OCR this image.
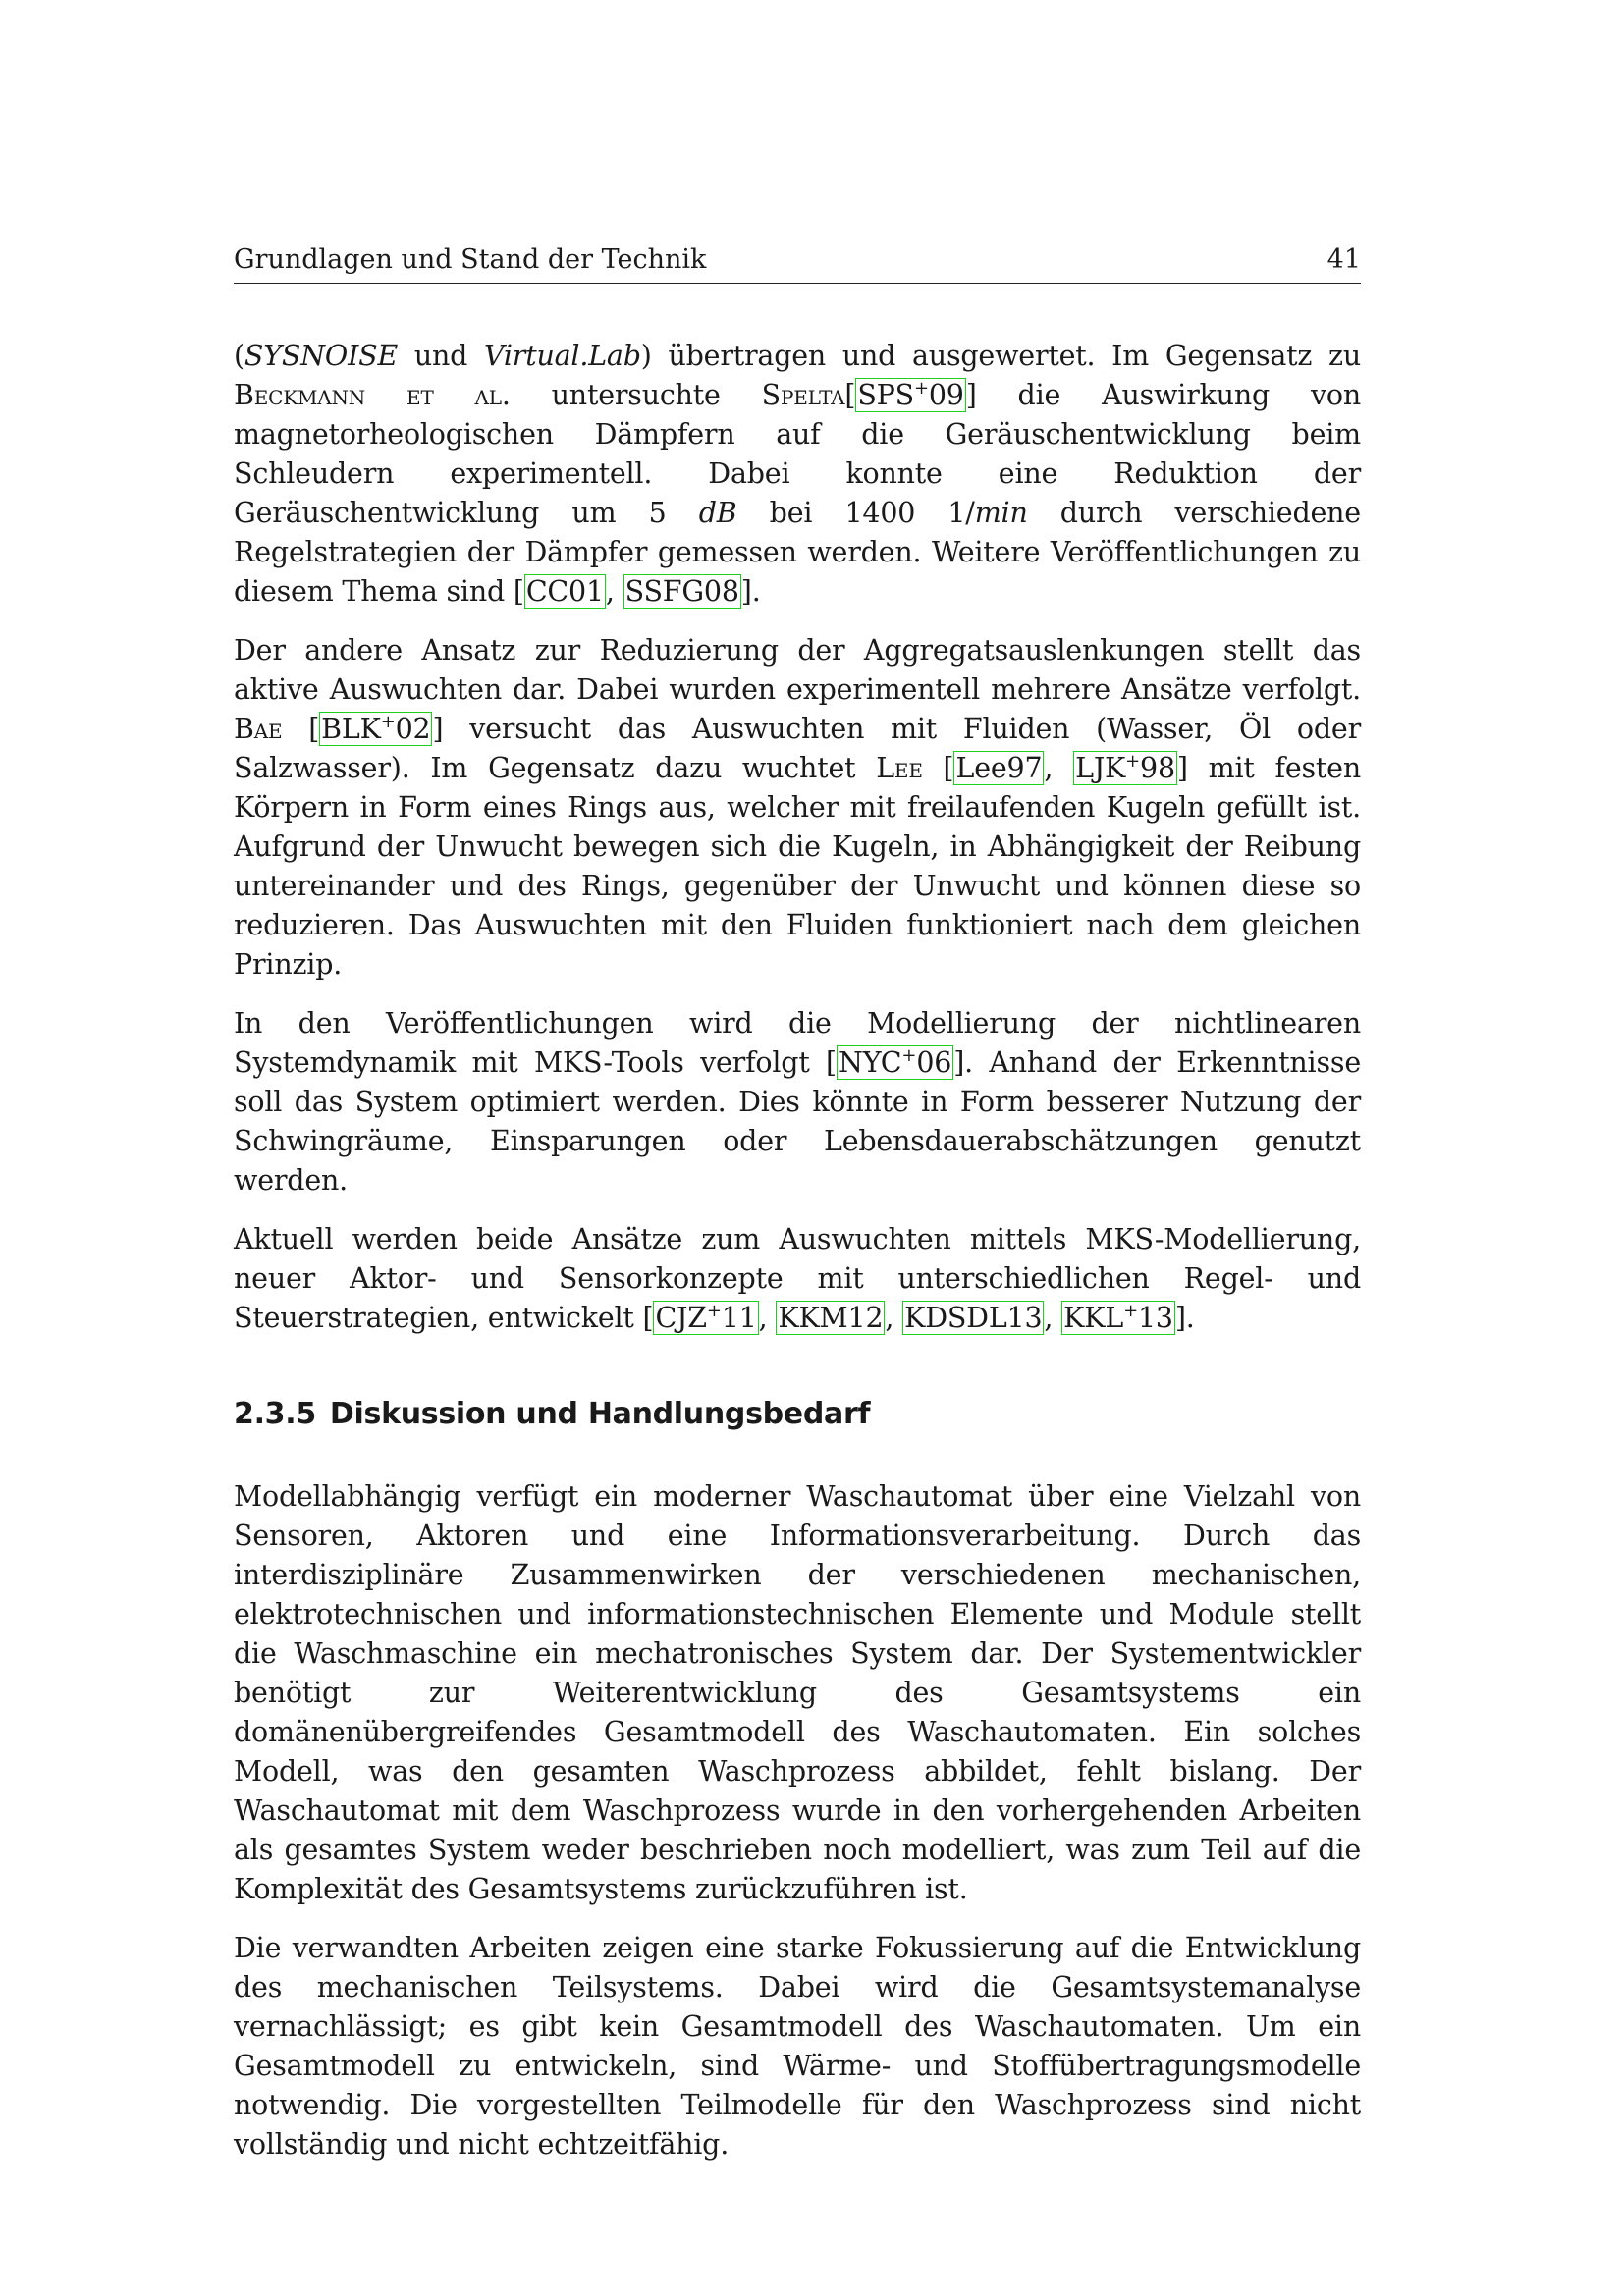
Grundlagen und Stand der Technik	41

(SYSNOISE und Virtual.Lab) übertragen und ausgewertet. Im Gegensatz zu Beckmann et al. untersuchte Spelta[SPS+09] die Auswirkung von magnetorheologischen Dämpfern auf die Geräuschentwicklung beim Schleudern experimentell. Dabei konnte eine Reduktion der Geräuschentwicklung um 5 dB bei 1400 1/min durch verschiedene Regelstrategien der Dämpfer gemessen werden. Weitere Veröffentlichungen zu diesem Thema sind [CC01, SSFG08].

Der andere Ansatz zur Reduzierung der Aggregatsauslenkungen stellt das aktive Auswuchten dar. Dabei wurden experimentell mehrere Ansätze verfolgt. Bae [BLK+02] versucht das Auswuchten mit Fluiden (Wasser, Öl oder Salzwasser). Im Gegensatz dazu wuchtet Lee [Lee97, LJK+98] mit festen Körpern in Form eines Rings aus, welcher mit freilaufenden Kugeln gefüllt ist. Aufgrund der Unwucht bewegen sich die Kugeln, in Abhängigkeit der Reibung untereinander und des Rings, gegenüber der Unwucht und können diese so reduzieren. Das Auswuchten mit den Fluiden funktioniert nach dem gleichen Prinzip.

In den Veröffentlichungen wird die Modellierung der nichtlinearen Systemdynamik mit MKS-Tools verfolgt [NYC+06]. Anhand der Erkenntnisse soll das System optimiert werden. Dies könnte in Form besserer Nutzung der Schwingräume, Einsparungen oder Lebensdauerabschätzungen genutzt werden.

Aktuell werden beide Ansätze zum Auswuchten mittels MKS-Modellierung, neuer Aktor- und Sensorkonzepte mit unterschiedlichen Regel- und Steuerstrategien, entwickelt [CJZ+11, KKM12, KDSDL13, KKL+13].

2.3.5 Diskussion und Handlungsbedarf

Modellabhängig verfügt ein moderner Waschautomat über eine Vielzahl von Sensoren, Aktoren und eine Informationsverarbeitung. Durch das interdisziplinäre Zusammenwirken der verschiedenen mechanischen, elektrotechnischen und informationstechnischen Elemente und Module stellt die Waschmaschine ein mechatronisches System dar. Der Systementwickler benötigt zur Weiterentwicklung des Gesamtsystems ein domänenübergreifendes Gesamtmodell des Waschautomaten. Ein solches Modell, was den gesamten Waschprozess abbildet, fehlt bislang. Der Waschautomat mit dem Waschprozess wurde in den vorhergehenden Arbeiten als gesamtes System weder beschrieben noch modelliert, was zum Teil auf die Komplexität des Gesamtsystems zurückzuführen ist.

Die verwandten Arbeiten zeigen eine starke Fokussierung auf die Entwicklung des mechanischen Teilsystems. Dabei wird die Gesamtsystemanalyse vernachlässigt; es gibt kein Gesamtmodell des Waschautomaten. Um ein Gesamtmodell zu entwickeln, sind Wärme- und Stoffübertragungsmodelle notwendig. Die vorgestellten Teilmodelle für den Waschprozess sind nicht vollständig und nicht echtzeitfähig.
